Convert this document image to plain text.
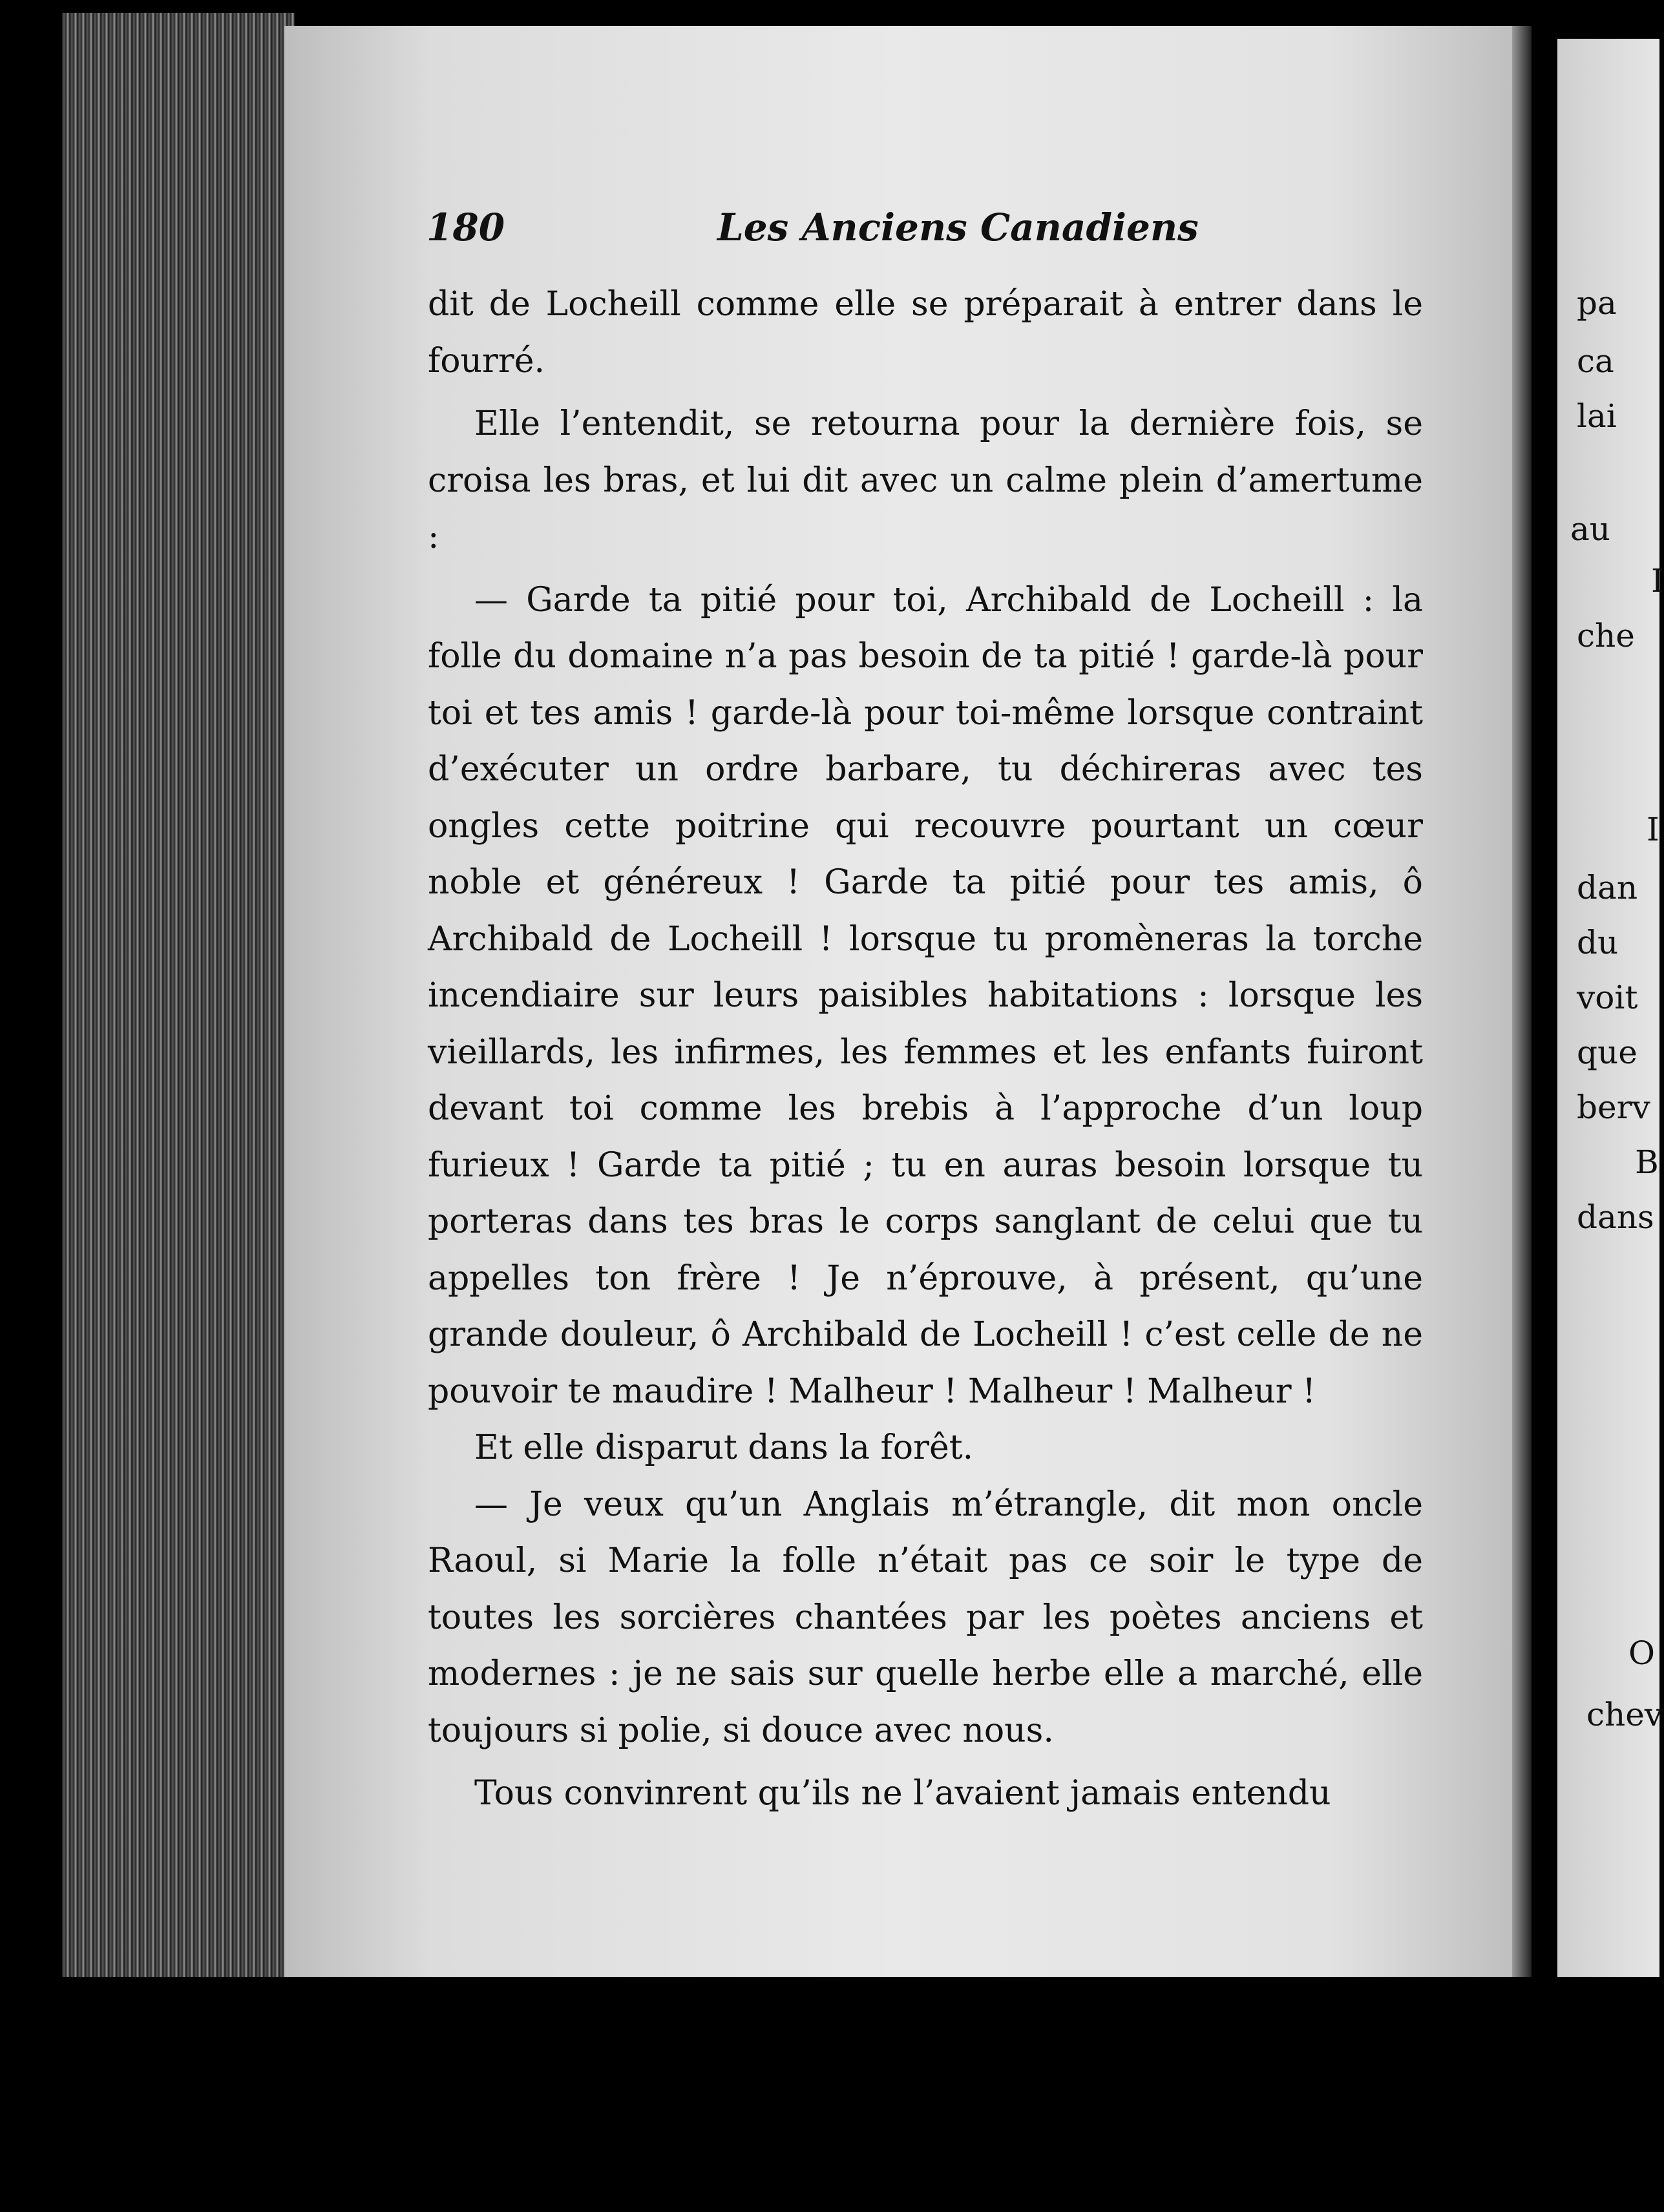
180	Les Anciens Canadiens

dit de Locheill comme elle se préparait à entrer dans le fourré.

Elle l’entendit, se retourna pour la dernière fois, se croisa les bras, et lui dit avec un calme plein d’amertume :

— Garde ta pitié pour toi, Archibald de Locheill : la folle du domaine n’a pas besoin de ta pitié ! garde-là pour toi et tes amis ! garde-là pour toi-même lorsque contraint d’exécuter un ordre barbare, tu déchireras avec tes ongles cette poitrine qui recouvre pourtant un cœur noble et généreux ! Garde ta pitié pour tes amis, ô Archibald de Locheill ! lorsque tu promèneras la torche incendiaire sur leurs paisibles habitations : lorsque les vieillards, les infirmes, les femmes et les enfants fuiront devant toi comme les brebis à l’approche d’un loup furieux ! Garde ta pitié ; tu en auras besoin lorsque tu porteras dans tes bras le corps sanglant de celui que tu appelles ton frère ! Je n’éprouve, à présent, qu’une grande douleur, ô Archibald de Locheill ! c’est celle de ne pouvoir te maudire ! Malheur ! Malheur ! Malheur !

Et elle disparut dans la forêt.

— Je veux qu’un Anglais m’étrangle, dit mon oncle Raoul, si Marie la folle n’était pas ce soir le type de toutes les sorcières chantées par les poètes anciens et modernes : je ne sais sur quelle herbe elle a marché, elle toujours si polie, si douce avec nous.

Tous convinrent qu’ils ne l’avaient jamais entendu

pa
ca
lai
au
I
che
I
dan
du
voit
que
berv
B
dans
O
chev
